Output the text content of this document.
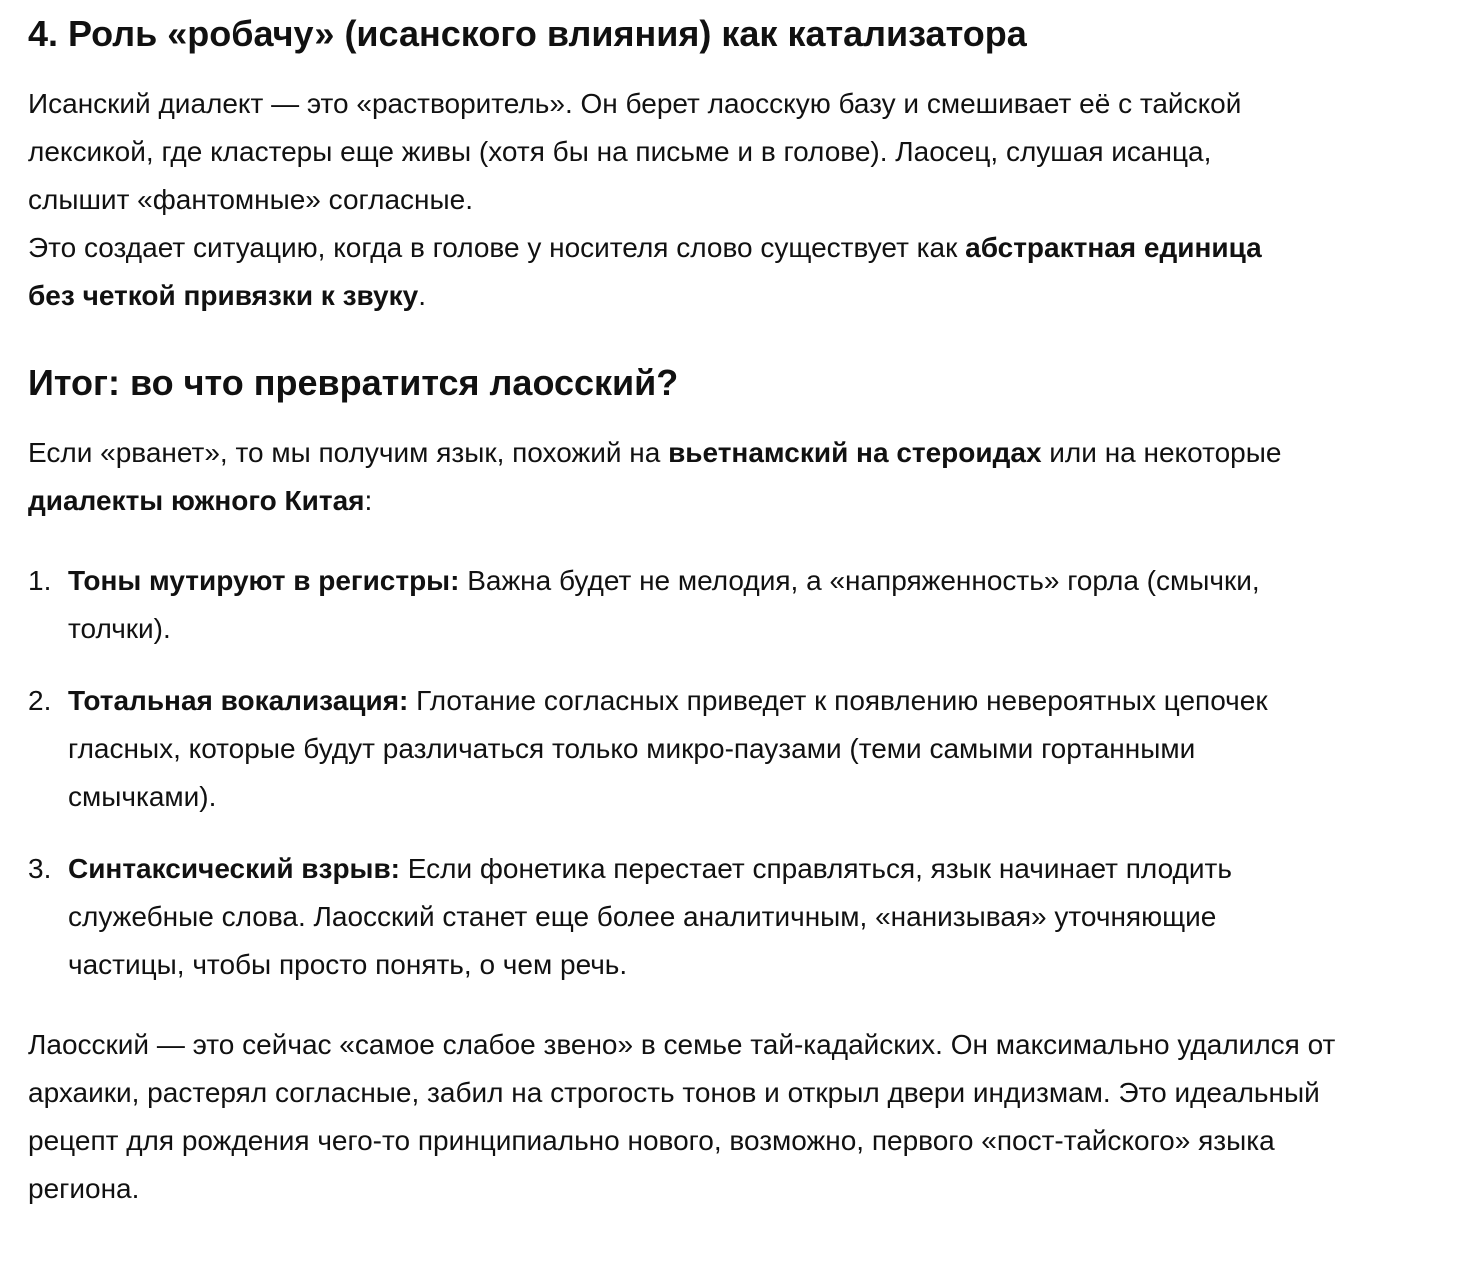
4. Роль «робачу» (исанского влияния) как катализатора

Исанский диалект — это «растворитель». Он берет лаосскую базу и смешивает её с тайской лексикой, где кластеры еще живы (хотя бы на письме и в голове). Лаосец, слушая исанца, слышит «фантомные» согласные.
Это создает ситуацию, когда в голове у носителя слово существует как абстрактная единица без четкой привязки к звуку.

Итог: во что превратится лаосский?

Если «рванет», то мы получим язык, похожий на вьетнамский на стероидах или на некоторые диалекты южного Китая:

1. Тоны мутируют в регистры: Важна будет не мелодия, а «напряженность» горла (смычки, толчки).
2. Тотальная вокализация: Глотание согласных приведет к появлению невероятных цепочек гласных, которые будут различаться только микро-паузами (теми самыми гортанными смычками).
3. Синтаксический взрыв: Если фонетика перестает справляться, язык начинает плодить служебные слова. Лаосский станет еще более аналитичным, «нанизывая» уточняющие частицы, чтобы просто понять, о чем речь.

Лаосский — это сейчас «самое слабое звено» в семье тай-кадайских. Он максимально удалился от архаики, растерял согласные, забил на строгость тонов и открыл двери индизмам. Это идеальный рецепт для рождения чего-то принципиально нового, возможно, первого «пост-тайского» языка региона.
